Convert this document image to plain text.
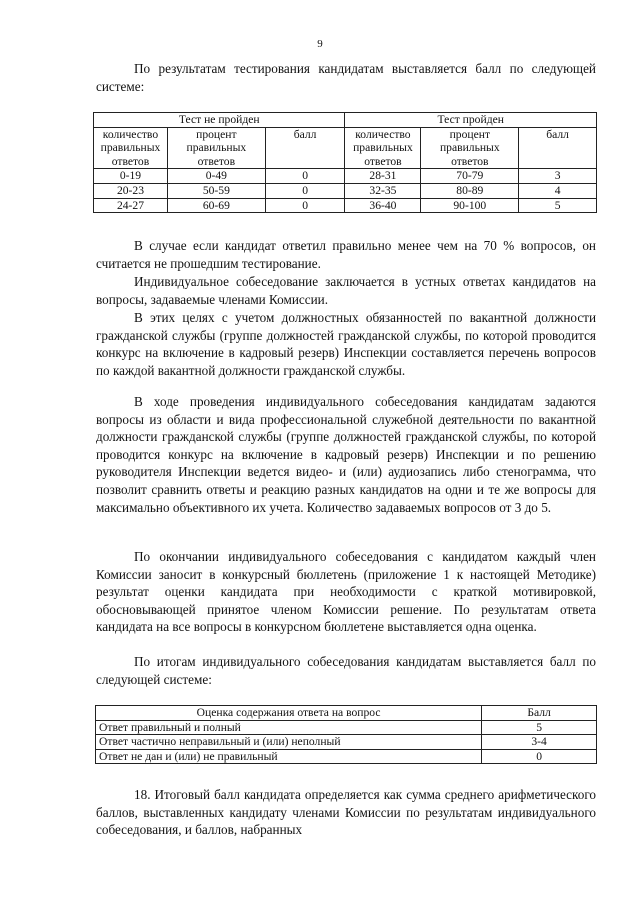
9
По результатам тестирования кандидатам выставляется балл по следующей системе:
Тест не пройден			Тест пройден		
количество правильных ответов	процент правильных ответов	балл	количество правильных ответов	процент правильных ответов	балл
0-19	0-49	0	28-31	70-79	3
20-23	50-59	0	32-35	80-89	4
24-27	60-69	0	36-40	90-100	5
В случае если кандидат ответил правильно менее чем на 70 % вопросов, он считается не прошедшим тестирование.
Индивидуальное собеседование заключается в устных ответах кандидатов на вопросы, задаваемые членами Комиссии.
В этих целях с учетом должностных обязанностей по вакантной должности гражданской службы (группе должностей гражданской службы, по которой проводится конкурс на включение в кадровый резерв) Инспекции составляется перечень вопросов по каждой вакантной должности гражданской службы.
В ходе проведения индивидуального собеседования кандидатам задаются вопросы из области и вида профессиональной служебной деятельности по вакантной должности гражданской службы (группе должностей гражданской службы, по которой проводится конкурс на включение в кадровый резерв) Инспекции и по решению руководителя Инспекции ведется видео- и (или) аудиозапись либо стенограмма, что позволит сравнить ответы и реакцию разных кандидатов на одни и те же вопросы для максимально объективного их учета. Количество задаваемых вопросов от 3 до 5.
По окончании индивидуального собеседования с кандидатом каждый член Комиссии заносит в конкурсный бюллетень (приложение 1 к настоящей Методике) результат оценки кандидата при необходимости с краткой мотивировкой, обосновывающей принятое членом Комиссии решение. По результатам ответа кандидата на все вопросы в конкурсном бюллетене выставляется одна оценка.
По итогам индивидуального собеседования кандидатам выставляется балл по следующей системе:
Оценка содержания ответа на вопрос	Балл
Ответ правильный и полный	5
Ответ частично неправильный и (или) неполный	3-4
Ответ не дан и (или) не правильный	0
18. Итоговый балл кандидата определяется как сумма среднего арифметического баллов, выставленных кандидату членами Комиссии по результатам индивидуального собеседования, и баллов, набранных
